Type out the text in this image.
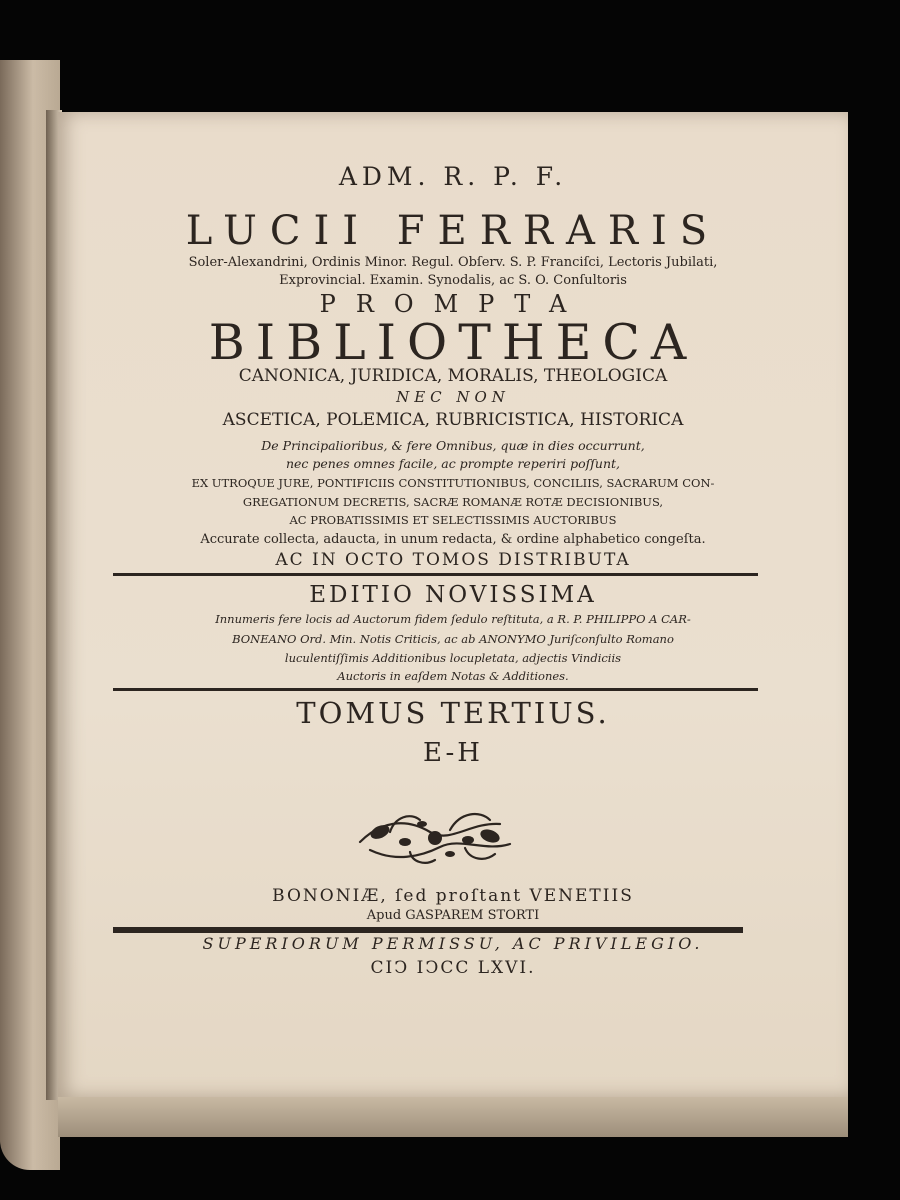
ADM. R. P. F.
LUCII FERRARIS
Soler-Alexandrini, Ordinis Minor. Regul. Obſerv. S. P. Franciſci, Lectoris Jubilati,
Exprovincial. Examin. Synodalis, ac S. O. Conſultoris
PROMPTA
BIBLIOTHECA
CANONICA, JURIDICA, MORALIS, THEOLOGICA
NEC NON
ASCETICA, POLEMICA, RUBRICISTICA, HISTORICA
De Principalioribus, & fere Omnibus, quæ in dies occurrunt,
nec penes omnes facile, ac prompte reperiri poſſunt,
EX UTROQUE JURE, PONTIFICIIS CONSTITUTIONIBUS, CONCILIIS, SACRARUM CON-
GREGATIONUM DECRETIS, SACRÆ ROMANÆ ROTÆ DECISIONIBUS,
AC PROBATISSIMIS ET SELECTISSIMIS AUCTORIBUS
Accurate collecta, adaucta, in unum redacta, & ordine alphabetico congeſta.
AC IN OCTO TOMOS DISTRIBUTA
EDITIO NOVISSIMA
Innumeris fere locis ad Auctorum fidem ſedulo reſtituta, a R. P. PHILIPPO A CAR-
BONEANO Ord. Min. Notis Criticis, ac ab ANONYMO Juriſconſulto Romano
luculentiſſimis Additionibus locupletata, adjectis Vindiciis
Auctoris in eaſdem Notas & Additiones.
TOMUS TERTIUS.
E-H
BONONIÆ, ſed proſtant VENETIIS
Apud GASPAREM STORTI
SUPERIORUM PERMISSU, AC PRIVILEGIO.
CIↃ IↃCC LXVI.
